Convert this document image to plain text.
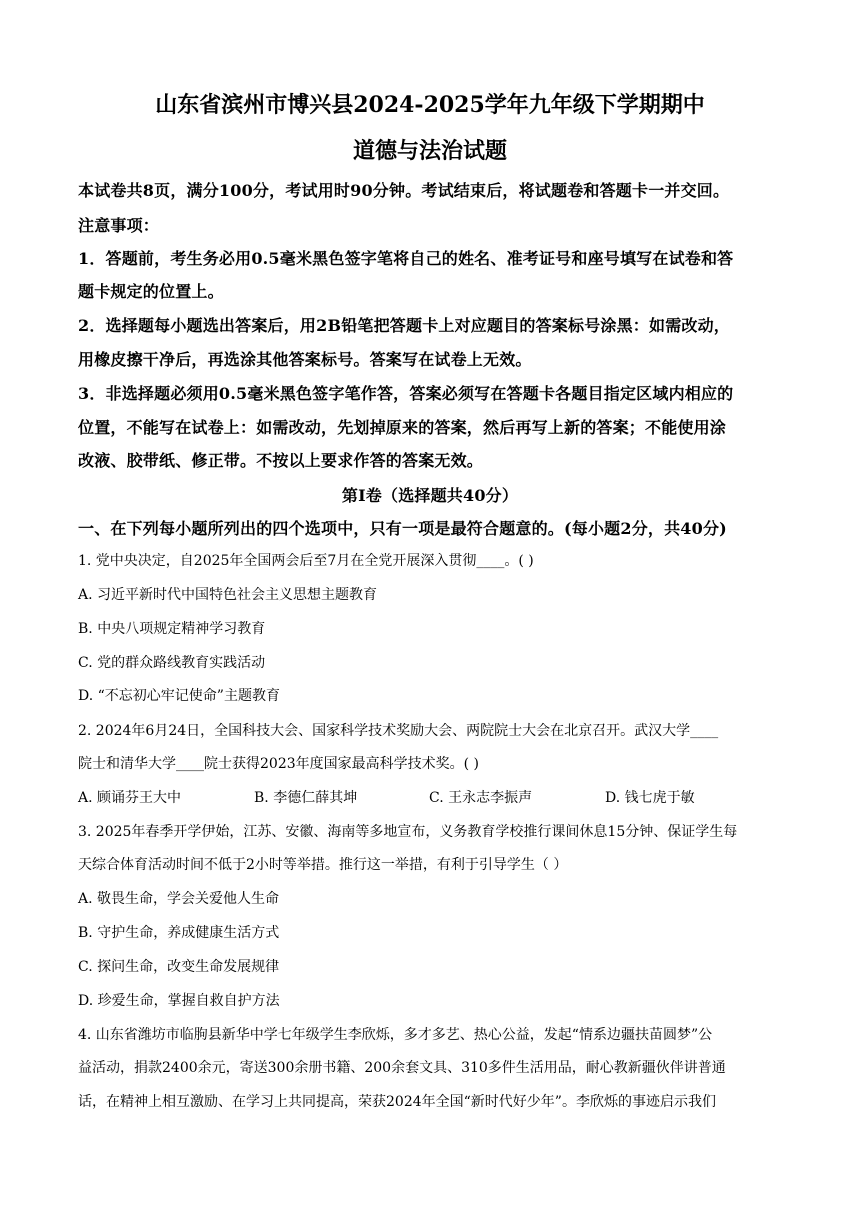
山东省滨州市博兴县2024-2025学年九年级下学期期中
道德与法治试题

本试卷共8页，满分100分，考试用时90分钟。考试结束后，将试题卷和答题卡一并交回。

注意事项：

1．答题前，考生务必用0.5毫米黑色签字笔将自己的姓名、准考证号和座号填写在试卷和答

题卡规定的位置上。

2．选择题每小题选出答案后，用2B铅笔把答题卡上对应题目的答案标号涂黑：如需改动，

用橡皮擦干净后，再选涂其他答案标号。答案写在试卷上无效。

3．非选择题必须用0.5毫米黑色签字笔作答，答案必须写在答题卡各题目指定区域内相应的

位置，不能写在试卷上：如需改动，先划掉原来的答案，然后再写上新的答案；不能使用涂

改液、胶带纸、修正带。不按以上要求作答的答案无效。

第Ⅰ卷（选择题共40分）

一、在下列每小题所列出的四个选项中，只有一项是最符合题意的。(每小题2分，共40分)

1. 党中央决定，自2025年全国两会后至7月在全党开展深入贯彻____。( )

A. 习近平新时代中国特色社会主义思想主题教育

B. 中央八项规定精神学习教育

C. 党的群众路线教育实践活动

D. “不忘初心牢记使命”主题教育

2. 2024年6月24日，全国科技大会、国家科学技术奖励大会、两院院士大会在北京召开。武汉大学____

院士和清华大学____院士获得2023年度国家最高科学技术奖。( )

A. 顾诵芬王大中	B. 李德仁薛其坤	C. 王永志李振声	D. 钱七虎于敏

3. 2025年春季开学伊始，江苏、安徽、海南等多地宣布，义务教育学校推行课间休息15分钟、保证学生每

天综合体育活动时间不低于2小时等举措。推行这一举措，有利于引导学生（ ）

A. 敬畏生命，学会关爱他人生命

B. 守护生命，养成健康生活方式

C. 探问生命，改变生命发展规律

D. 珍爱生命，掌握自救自护方法

4. 山东省潍坊市临朐县新华中学七年级学生李欣烁，多才多艺、热心公益，发起“情系边疆扶苗圆梦”公

益活动，捐款2400余元，寄送300余册书籍、200余套文具、310多件生活用品，耐心教新疆伙伴讲普通

话，在精神上相互激励、在学习上共同提高，荣获2024年全国“新时代好少年”。李欣烁的事迹启示我们
